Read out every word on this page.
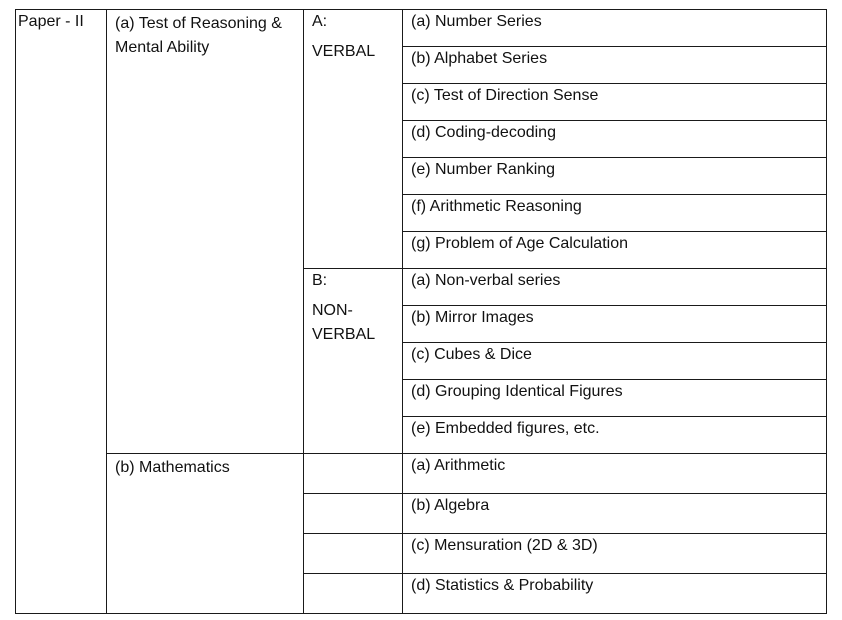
Paper - II	(a) Test of Reasoning & Mental Ability	A:
VERBAL	(a) Number Series

			(b) Alphabet Series

			(c) Test of Direction Sense

			(d) Coding-decoding

			(e) Number Ranking

			(f) Arithmetic Reasoning

			(g) Problem of Age Calculation

		B:
NON-VERBAL	(a) Non-verbal series

			(b) Mirror Images

			(c) Cubes & Dice

			(d) Grouping Identical Figures

			(e) Embedded figures, etc.

	(b) Mathematics		(a) Arithmetic

			(b) Algebra

			(c) Mensuration (2D & 3D)

			(d) Statistics & Probability
